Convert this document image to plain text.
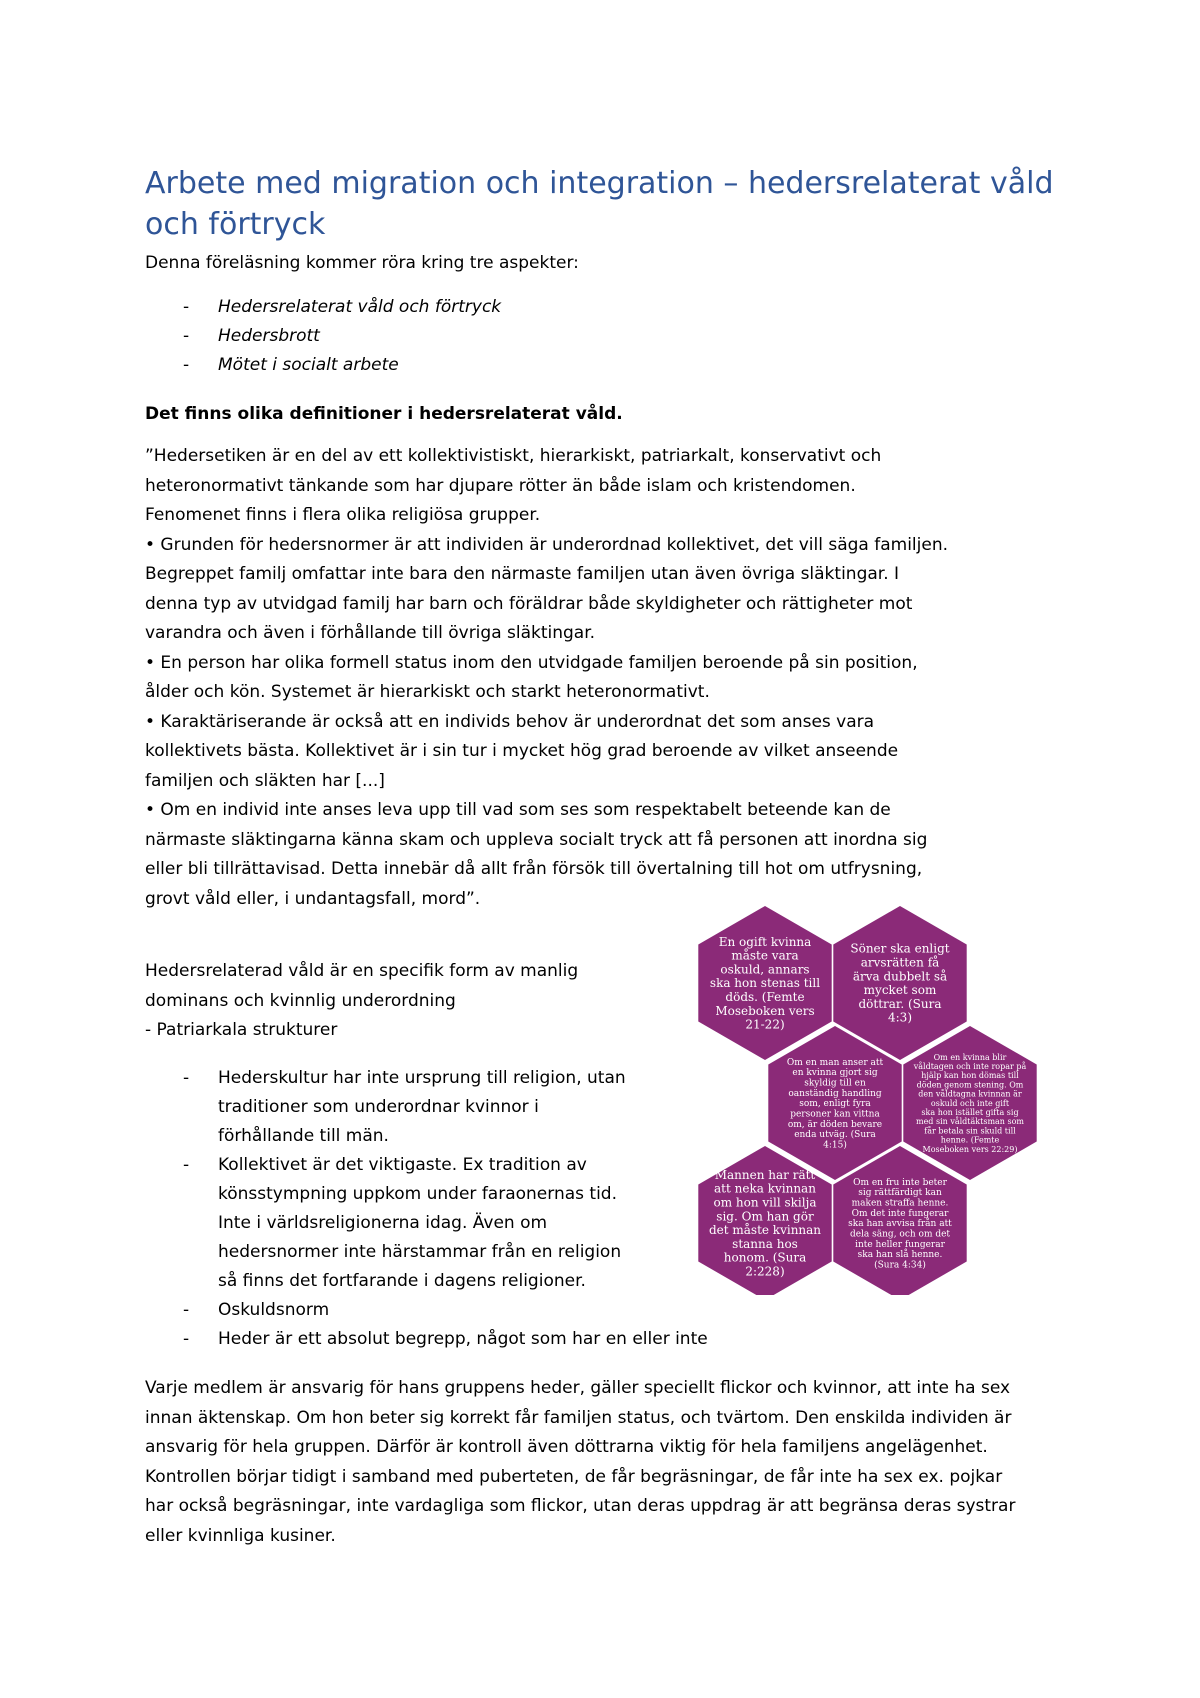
Arbete med migration och integration – hedersrelaterat våld och förtryck

Denna föreläsning kommer röra kring tre aspekter:

- Hedersrelaterat våld och förtryck
- Hedersbrott
- Mötet i socialt arbete

Det finns olika definitioner i hedersrelaterat våld.

”Hedersetiken är en del av ett kollektivistiskt, hierarkiskt, patriarkalt, konservativt och
heteronormativt tänkande som har djupare rötter än både islam och kristendomen.
Fenomenet finns i flera olika religiösa grupper.
• Grunden för hedersnormer är att individen är underordnad kollektivet, det vill säga familjen.
Begreppet familj omfattar inte bara den närmaste familjen utan även övriga släktingar. I
denna typ av utvidgad familj har barn och föräldrar både skyldigheter och rättigheter mot
varandra och även i förhållande till övriga släktingar.
• En person har olika formell status inom den utvidgade familjen beroende på sin position,
ålder och kön. Systemet är hierarkiskt och starkt heteronormativt.
• Karaktäriserande är också att en individs behov är underordnat det som anses vara
kollektivets bästa. Kollektivet är i sin tur i mycket hög grad beroende av vilket anseende
familjen och släkten har [...]
• Om en individ inte anses leva upp till vad som ses som respektabelt beteende kan de
närmaste släktingarna känna skam och uppleva socialt tryck att få personen att inordna sig
eller bli tillrättavisad. Detta innebär då allt från försök till övertalning till hot om utfrysning,
grovt våld eller, i undantagsfall, mord”.

Hedersrelaterad våld är en specifik form av manlig
dominans och kvinnlig underordning
- Patriarkala strukturer

- Hederskultur har inte ursprung till religion, utan
traditioner som underordnar kvinnor i
förhållande till män.
- Kollektivet är det viktigaste. Ex tradition av
könsstympning uppkom under faraonernas tid.
Inte i världsreligionerna idag. Även om
hedersnormer inte härstammar från en religion
så finns det fortfarande i dagens religioner.
- Oskuldsnorm
- Heder är ett absolut begrepp, något som har en eller inte
En ogift kvinna
måste vara
oskuld, annars
ska hon stenas till
döds. (Femte
Moseboken vers
21-22)
Söner ska enligt
arvsrätten få
ärva dubbelt så
mycket som
döttrar. (Sura
4:3)
Om en man anser att
en kvinna gjort sig
skyldig till en
oanständig handling
som, enligt fyra
personer kan vittna
om, är döden bevare
enda utväg. (Sura
4:15)
Om en kvinna blir
våldtagen och inte ropar på
hjälp kan hon dömas till
döden genom stening. Om
den våldtagna kvinnan är
oskuld och inte gift
ska hon istället gifta sig
med sin våldtäktsman som
får betala sin skuld till
henne. (Femte
Moseboken vers 22:29)
Mannen har rätt
att neka kvinnan
om hon vill skilja
sig. Om han gör
det måste kvinnan
stanna hos
honom. (Sura
2:228)
Om en fru inte beter
sig rättfärdigt kan
maken straffa henne.
Om det inte fungerar
ska han avvisa från att
dela säng, och om det
inte heller fungerar
ska han slå henne.
(Sura 4:34)

Varje medlem är ansvarig för hans gruppens heder, gäller speciellt flickor och kvinnor, att inte ha sex
innan äktenskap. Om hon beter sig korrekt får familjen status, och tvärtom. Den enskilda individen är
ansvarig för hela gruppen. Därför är kontroll även döttrarna viktig för hela familjens angelägenhet.
Kontrollen börjar tidigt i samband med puberteten, de får begräsningar, de får inte ha sex ex. pojkar
har också begräsningar, inte vardagliga som flickor, utan deras uppdrag är att begränsa deras systrar
eller kvinnliga kusiner.
